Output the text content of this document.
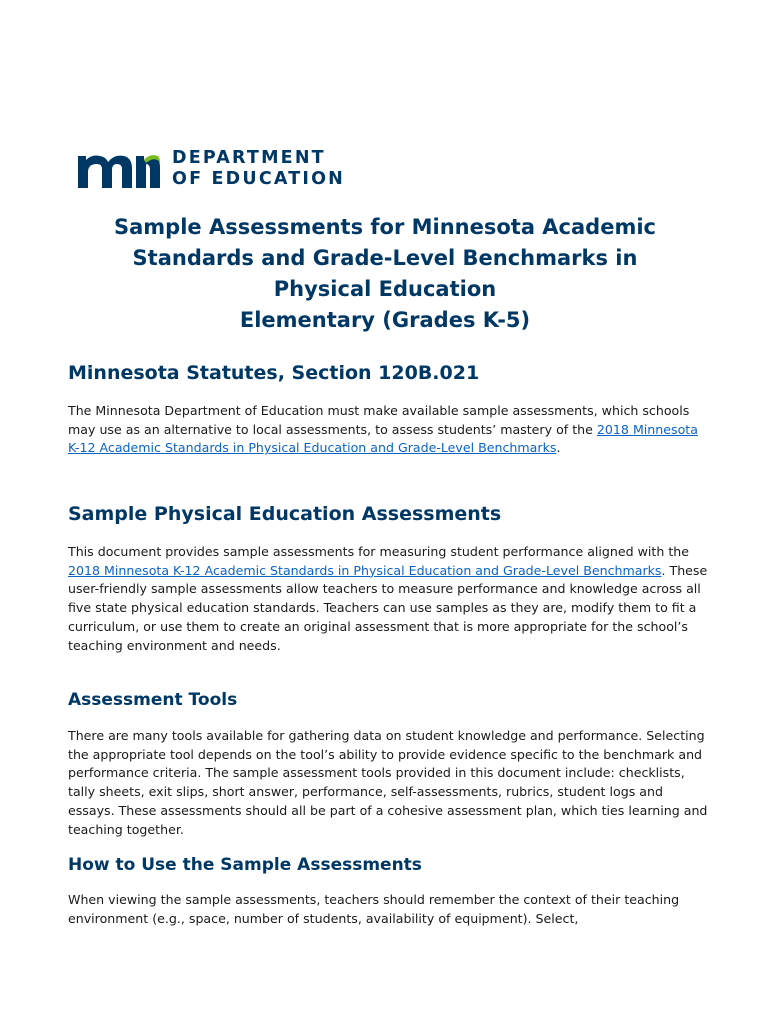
DEPARTMENT
OF EDUCATION
Sample Assessments for Minnesota Academic
Standards and Grade-Level Benchmarks in
Physical Education
Elementary (Grades K-5)
Minnesota Statutes, Section 120B.021

The Minnesota Department of Education must make available sample assessments, which schools may use as an alternative to local assessments, to assess students’ mastery of the 2018 Minnesota K-12 Academic Standards in Physical Education and Grade-Level Benchmarks.

Sample Physical Education Assessments

This document provides sample assessments for measuring student performance aligned with the 2018 Minnesota K-12 Academic Standards in Physical Education and Grade-Level Benchmarks. These user-friendly sample assessments allow teachers to measure performance and knowledge across all five state physical education standards. Teachers can use samples as they are, modify them to fit a curriculum, or use them to create an original assessment that is more appropriate for the school’s teaching environment and needs.

Assessment Tools

There are many tools available for gathering data on student knowledge and performance. Selecting the appropriate tool depends on the tool’s ability to provide evidence specific to the benchmark and performance criteria. The sample assessment tools provided in this document include: checklists, tally sheets, exit slips, short answer, performance, self-assessments, rubrics, student logs and essays. These assessments should all be part of a cohesive assessment plan, which ties learning and teaching together.

How to Use the Sample Assessments

When viewing the sample assessments, teachers should remember the context of their teaching environment (e.g., space, number of students, availability of equipment). Select,
